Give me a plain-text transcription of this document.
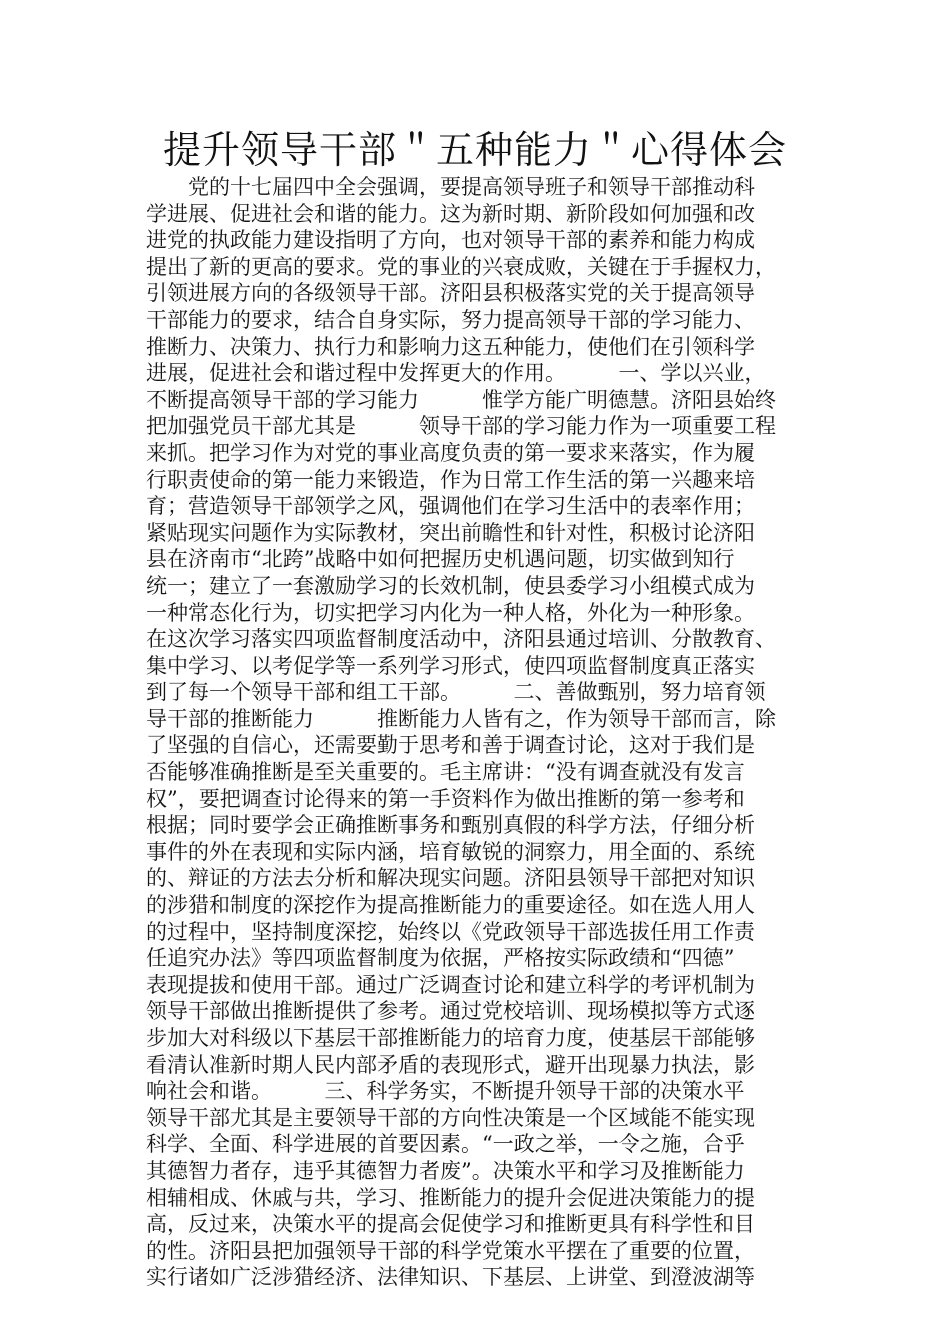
提升领导干部＂五种能力＂心得体会
　　党的十七届四中全会强调，要提高领导班子和领导干部推动科
学进展、促进社会和谐的能力。这为新时期、新阶段如何加强和改
进党的执政能力建设指明了方向，也对领导干部的素养和能力构成
提出了新的更高的要求。党的事业的兴衰成败，关键在于手握权力，
引领进展方向的各级领导干部。济阳县积极落实党的关于提高领导
干部能力的要求，结合自身实际，努力提高领导干部的学习能力、
推断力、决策力、执行力和影响力这五种能力，使他们在引领科学
进展，促进社会和谐过程中发挥更大的作用。　　　一、学以兴业，
不断提高领导干部的学习能力　　　惟学方能广明德慧。济阳县始终
把加强党员干部尤其是　　　领导干部的学习能力作为一项重要工程
来抓。把学习作为对党的事业高度负责的第一要求来落实，作为履
行职责使命的第一能力来锻造，作为日常工作生活的第一兴趣来培
育；营造领导干部领学之风，强调他们在学习生活中的表率作用；
紧贴现实问题作为实际教材，突出前瞻性和针对性，积极讨论济阳
县在济南市“北跨”战略中如何把握历史机遇问题，切实做到知行
统一；建立了一套激励学习的长效机制，使县委学习小组模式成为
一种常态化行为，切实把学习内化为一种人格，外化为一种形象。
在这次学习落实四项监督制度活动中，济阳县通过培训、分散教育、
集中学习、以考促学等一系列学习形式，使四项监督制度真正落实
到了每一个领导干部和组工干部。　　　二、善做甄别，努力培育领
导干部的推断能力　　　推断能力人皆有之，作为领导干部而言，除
了坚强的自信心，还需要勤于思考和善于调查讨论，这对于我们是
否能够准确推断是至关重要的。毛主席讲：“没有调查就没有发言
权”，要把调查讨论得来的第一手资料作为做出推断的第一参考和
根据；同时要学会正确推断事务和甄别真假的科学方法，仔细分析
事件的外在表现和实际内涵，培育敏锐的洞察力，用全面的、系统
的、辩证的方法去分析和解决现实问题。济阳县领导干部把对知识
的涉猎和制度的深挖作为提高推断能力的重要途径。如在选人用人
的过程中，坚持制度深挖，始终以《党政领导干部选拔任用工作责
任追究办法》等四项监督制度为依据，严格按实际政绩和“四德”
表现提拔和使用干部。通过广泛调查讨论和建立科学的考评机制为
领导干部做出推断提供了参考。通过党校培训、现场模拟等方式逐
步加大对科级以下基层干部推断能力的培育力度，使基层干部能够
看清认准新时期人民内部矛盾的表现形式，避开出现暴力执法，影
响社会和谐。　　　三、科学务实，不断提升领导干部的决策水平
领导干部尤其是主要领导干部的方向性决策是一个区域能不能实现
科学、全面、科学进展的首要因素。“一政之举，一令之施，合乎
其德智力者存，违乎其德智力者废”。决策水平和学习及推断能力
相辅相成、休戚与共，学习、推断能力的提升会促进决策能力的提
高，反过来，决策水平的提高会促使学习和推断更具有科学性和目
的性。济阳县把加强领导干部的科学党策水平摆在了重要的位置，
实行诸如广泛涉猎经济、法律知识、下基层、上讲堂、到澄波湖等
